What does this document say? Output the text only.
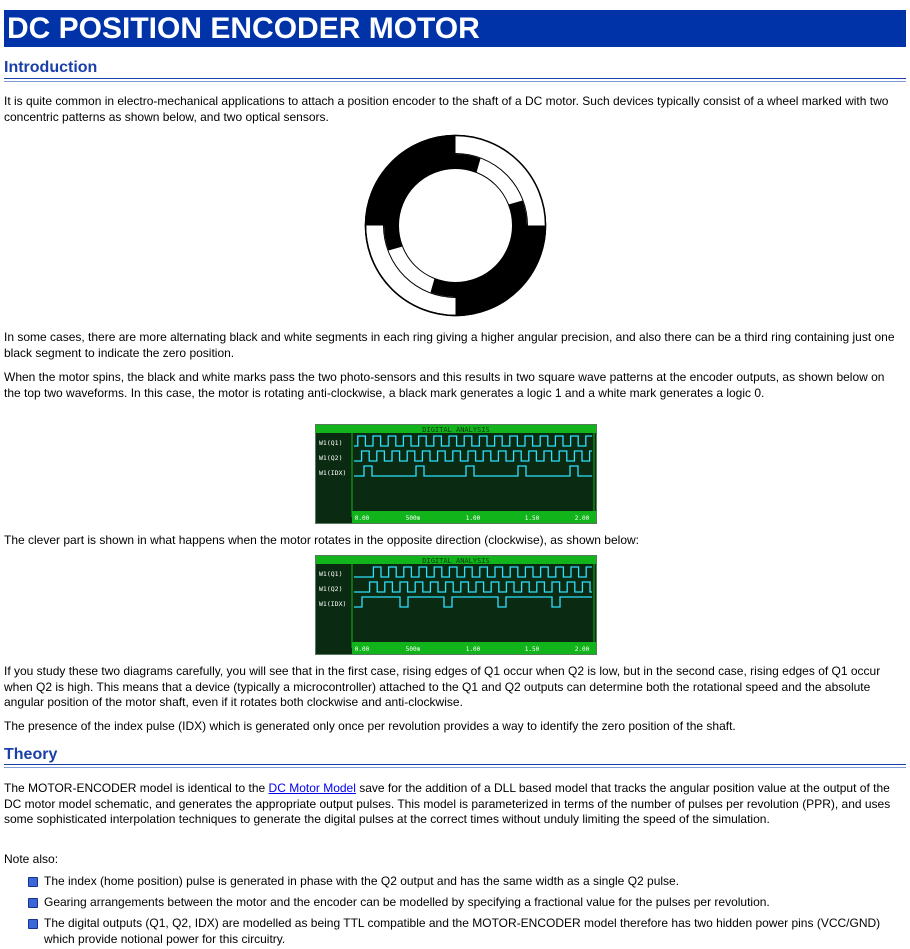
DC POSITION ENCODER MOTOR
Introduction
It is quite common in electro-mechanical applications to attach a position encoder to the shaft of a DC motor. Such devices typically consist of a wheel marked with two concentric patterns as shown below, and two optical sensors.
In some cases, there are more alternating black and white segments in each ring giving a higher angular precision, and also there can be a third ring containing just one black segment to indicate the zero position.
When the motor spins, the black and white marks pass the two photo-sensors and this results in two square wave patterns at the encoder outputs, as shown below on the top two waveforms. In this case, the motor is rotating anti-clockwise, a black mark generates a logic 1 and a white mark generates a logic 0.
DIGITAL ANALYSIS
0.00	500m	1.00	1.50	2.00
W1(Q1)
W1(Q2)
W1(IDX)
The clever part is shown in what happens when the motor rotates in the opposite direction (clockwise), as shown below:
DIGITAL ANALYSIS
0.00	500m	1.00	1.50	2.00
W1(Q1)
W1(Q2)
W1(IDX)
If you study these two diagrams carefully, you will see that in the first case, rising edges of Q1 occur when Q2 is low, but in the second case, rising edges of Q1 occur when Q2 is high. This means that a device (typically a microcontroller) attached to the Q1 and Q2 outputs can determine both the rotational speed and the absolute angular position of the motor shaft, even if it rotates both clockwise and anti-clockwise.
The presence of the index pulse (IDX) which is generated only once per revolution provides a way to identify the zero position of the shaft.
Theory
The MOTOR-ENCODER model is identical to the DC Motor Model save for the addition of a DLL based model that tracks the angular position value at the output of the DC motor model schematic, and generates the appropriate output pulses. This model is parameterized in terms of the number of pulses per revolution (PPR), and uses some sophisticated interpolation techniques to generate the digital pulses at the correct times without unduly limiting the speed of the simulation.
Note also:
The index (home position) pulse is generated in phase with the Q2 output and has the same width as a single Q2 pulse.
Gearing arrangements between the motor and the encoder can be modelled by specifying a fractional value for the pulses per revolution.
The digital outputs (Q1, Q2, IDX) are modelled as being TTL compatible and the MOTOR-ENCODER model therefore has two hidden power pins (VCC/GND) which provide notional power for this circuitry.
